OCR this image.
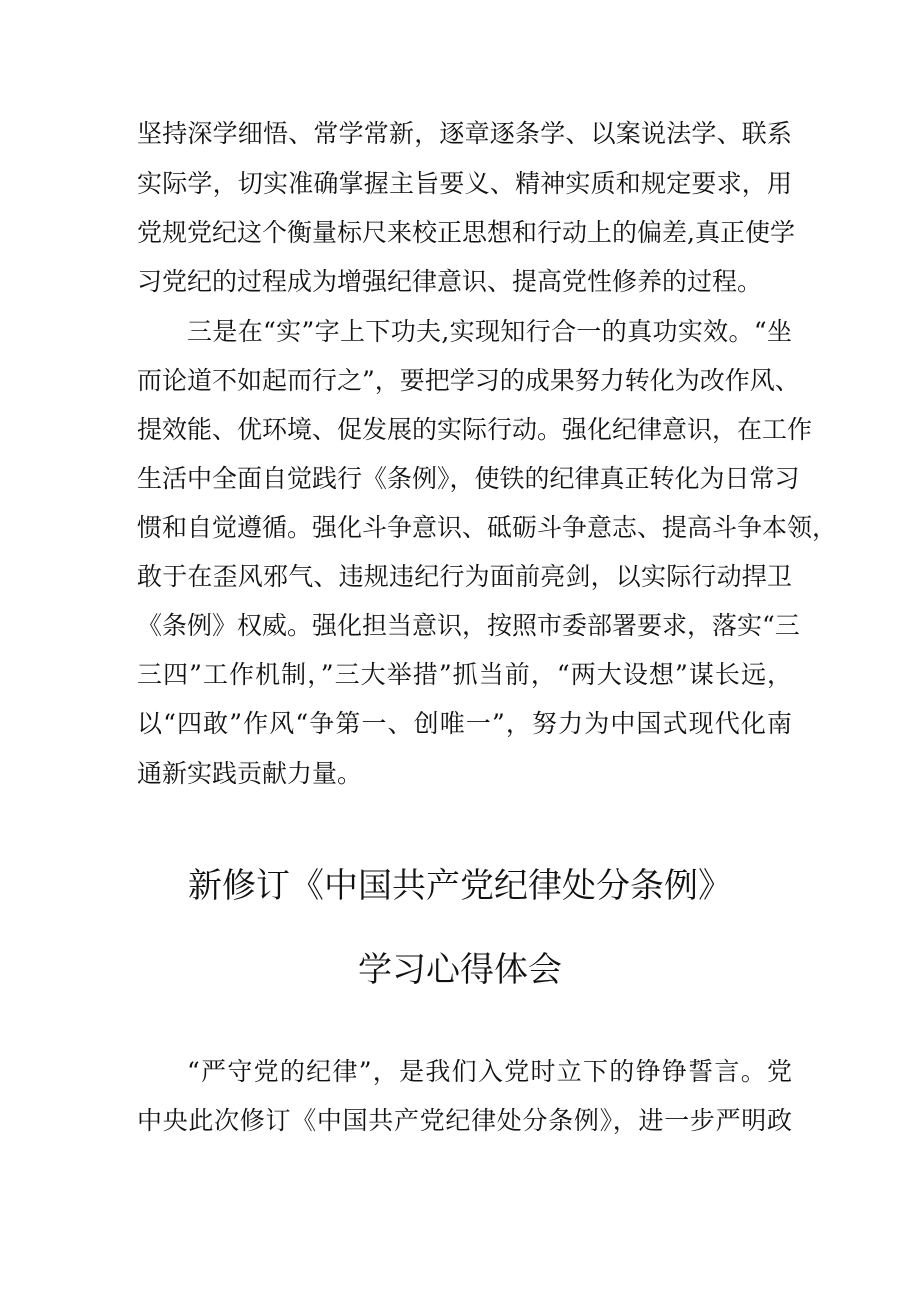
坚持深学细悟、常学常新，逐章逐条学、以案说法学、联系
实际学，切实准确掌握主旨要义、精神实质和规定要求，用
党规党纪这个衡量标尺来校正思想和行动上的偏差,真正使学
习党纪的过程成为增强纪律意识、提高党性修养的过程。
三是在“实”字上下功夫,实现知行合一的真功实效。“坐
而论道不如起而行之”，要把学习的成果努力转化为改作风、
提效能、优环境、促发展的实际行动。强化纪律意识，在工作
生活中全面自觉践行《条例》，使铁的纪律真正转化为日常习
惯和自觉遵循。强化斗争意识、砥砺斗争意志、提高斗争本领，
敢于在歪风邪气、违规违纪行为面前亮剑，以实际行动捍卫
《条例》权威。强化担当意识，按照市委部署要求，落实“三
三四”工作机制，”三大举措”抓当前，“两大设想”谋长远，
以“四敢”作风“争第一、创唯一”，努力为中国式现代化南
通新实践贡献力量。
新修订《中国共产党纪律处分条例》
学习心得体会
“严守党的纪律”，是我们入党时立下的铮铮誓言。党
中央此次修订《中国共产党纪律处分条例》，进一步严明政
